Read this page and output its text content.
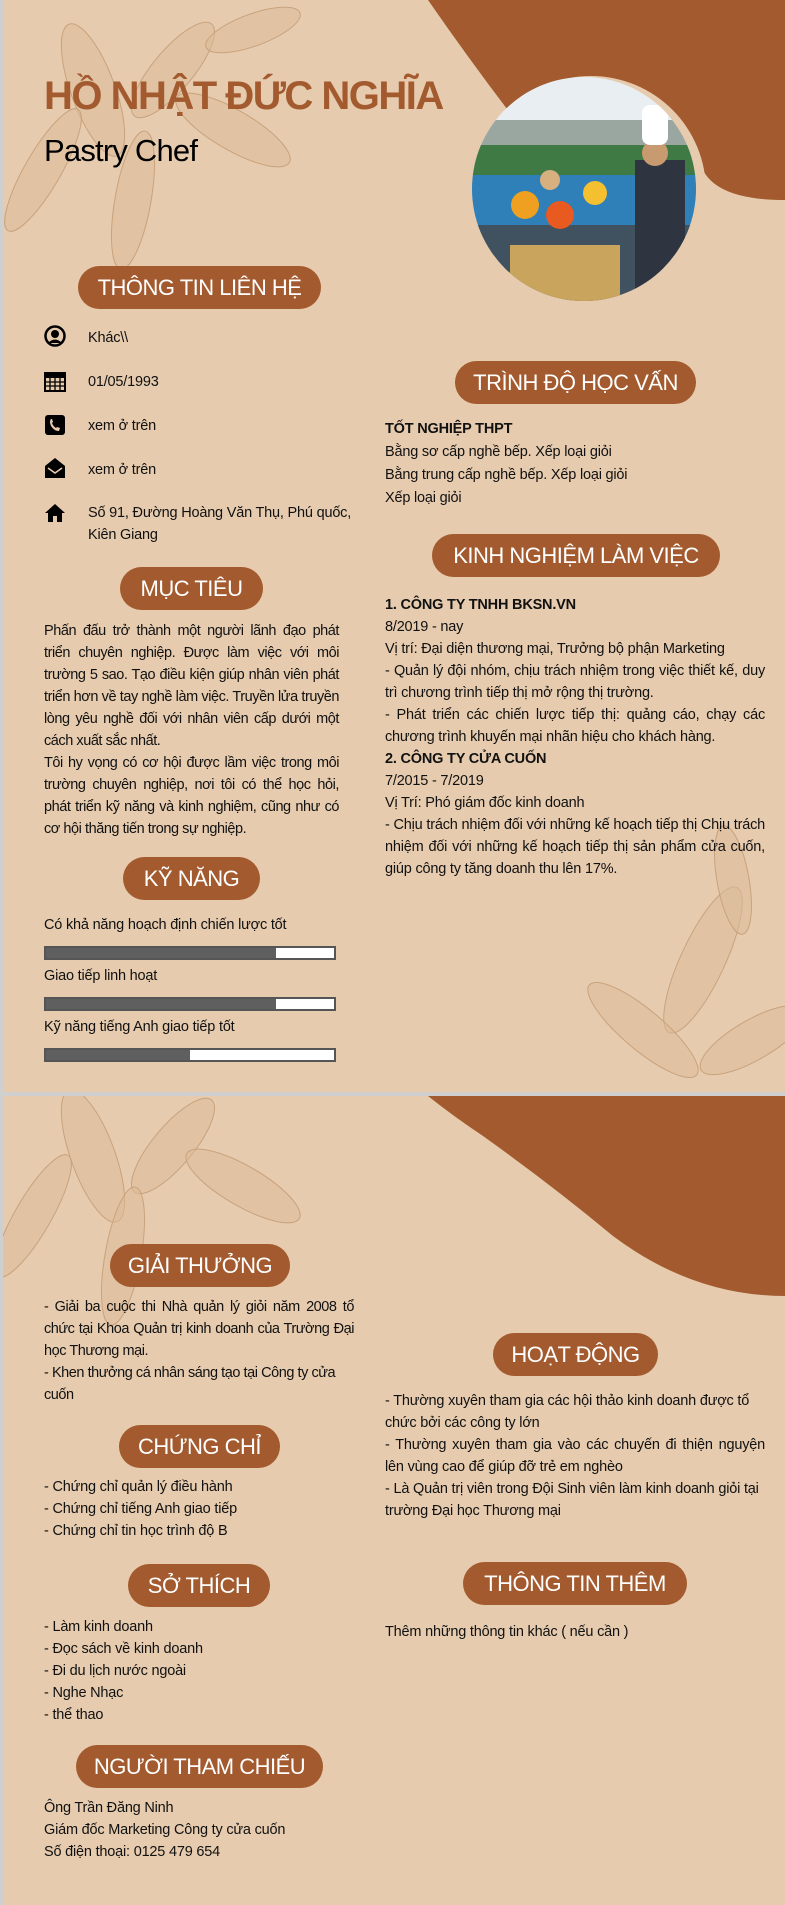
HỒ NHẬT ĐỨC NGHĨA
Pastry Chef
THÔNG TIN LIÊN HỆ
Khác\\
01/05/1993
xem ở trên
xem ở trên
Số 91, Đường Hoàng Văn Thụ, Phú quốc, Kiên Giang
MỤC TIÊU
Phấn đấu trở thành một người lãnh đạo phát triển chuyên nghiệp. Được làm việc với môi trường 5 sao. Tạo điều kiện giúp nhân viên phát triển hơn về tay nghề làm việc. Truyền lửa truyền lòng yêu nghề đối với nhân viên cấp dưới một cách xuất sắc nhất.
Tôi hy vọng có cơ hội được lầm việc trong môi trường chuyên nghiệp, nơi tôi có thể học hỏi, phát triển kỹ năng và kinh nghiệm, cũng như có cơ hội thăng tiến trong sự nghiệp.
KỸ NĂNG
Có khả năng hoạch định chiến lược tốt
Giao tiếp linh hoạt
Kỹ năng tiếng Anh giao tiếp tốt
TRÌNH ĐỘ HỌC VẤN
TỐT NGHIỆP THPT
Bằng sơ cấp nghề bếp. Xếp loại giỏi
Bằng trung cấp nghề bếp. Xếp loại giỏi
Xếp loại giỏi
KINH NGHIỆM LÀM VIỆC
1. CÔNG TY TNHH BKSN.VN
8/2019 - nay
Vị trí: Đại diện thương mại, Trưởng bộ phận Marketing
- Quản lý đội nhóm, chịu trách nhiệm trong việc thiết kế, duy trì chương trình tiếp thị mở rộng thị trường.
- Phát triển các chiến lược tiếp thị: quảng cáo, chạy các chương trình khuyến mại nhãn hiệu cho khách hàng.
2. CÔNG TY CỬA CUỐN
7/2015 - 7/2019
Vị Trí: Phó giám đốc kinh doanh
- Chịu trách nhiệm đối với những kế hoạch tiếp thị Chịu trách nhiệm đối với những kế hoạch tiếp thị sản phẩm cửa cuốn, giúp công ty tăng doanh thu lên 17%.
GIẢI THƯỞNG
- Giải ba cuộc thi Nhà quản lý giỏi năm 2008 tổ chức tại Khoa Quản trị kinh doanh của Trường Đại học Thương mại.
- Khen thưởng cá nhân sáng tạo tại Công ty cửa cuốn
CHỨNG CHỈ
- Chứng chỉ quản lý điều hành
- Chứng chỉ tiếng Anh giao tiếp
- Chứng chỉ tin học trình độ B
SỞ THÍCH
- Làm kinh doanh
- Đọc sách về kinh doanh
- Đi du lịch nước ngoài
- Nghe Nhạc
- thể thao
NGƯỜI THAM CHIẾU
Ông Trần Đăng Ninh
Giám đốc Marketing Công ty cửa cuốn
Số điện thoại: 0125 479 654
HOẠT ĐỘNG
- Thường xuyên tham gia các hội thảo kinh doanh được tổ chức bởi các công ty lớn
- Thường xuyên tham gia vào các chuyến đi thiện nguyện lên vùng cao để giúp đỡ trẻ em nghèo
- Là Quản trị viên trong Đội Sinh viên làm kinh doanh giỏi tại trường Đại học Thương mại
THÔNG TIN THÊM
Thêm những thông tin khác ( nếu cần )
